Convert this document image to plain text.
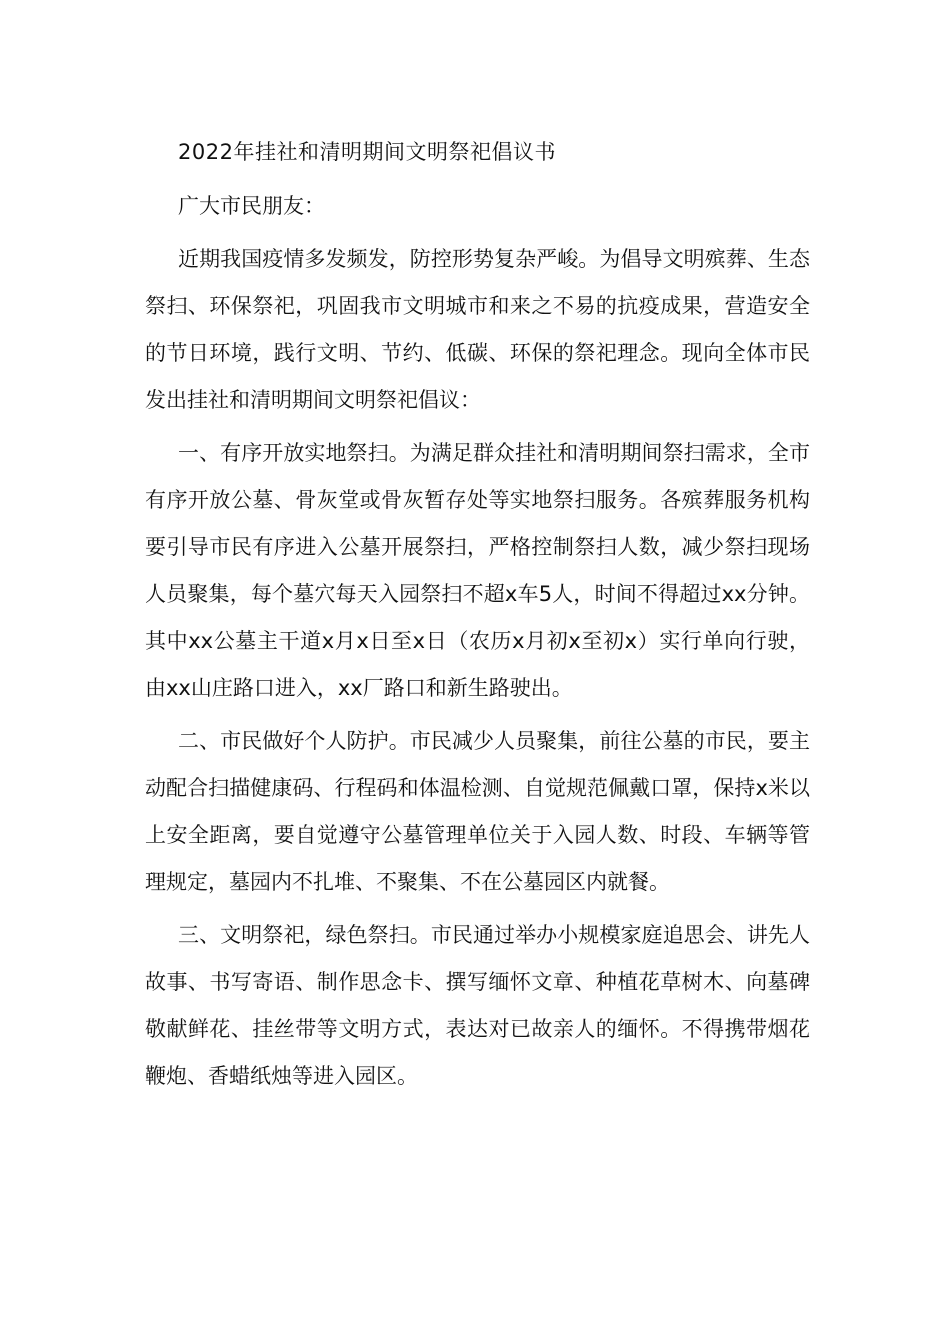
2022年挂社和清明期间文明祭祀倡议书
广大市民朋友：

近期我国疫情多发频发，防控形势复杂严峻。为倡导文明殡葬、生态祭扫、环保祭祀，巩固我市文明城市和来之不易的抗疫成果，营造安全的节日环境，践行文明、节约、低碳、环保的祭祀理念。现向全体市民发出挂社和清明期间文明祭祀倡议：

一、有序开放实地祭扫。为满足群众挂社和清明期间祭扫需求，全市有序开放公墓、骨灰堂或骨灰暂存处等实地祭扫服务。各殡葬服务机构要引导市民有序进入公墓开展祭扫，严格控制祭扫人数，减少祭扫现场人员聚集，每个墓穴每天入园祭扫不超x车5人，时间不得超过xx分钟。其中xx公墓主干道x月x日至x日（农历x月初x至初x）实行单向行驶，由xx山庄路口进入，xx厂路口和新生路驶出。

二、市民做好个人防护。市民减少人员聚集，前往公墓的市民，要主动配合扫描健康码、行程码和体温检测、自觉规范佩戴口罩，保持x米以上安全距离，要自觉遵守公墓管理单位关于入园人数、时段、车辆等管理规定，墓园内不扎堆、不聚集、不在公墓园区内就餐。

三、文明祭祀，绿色祭扫。市民通过举办小规模家庭追思会、讲先人故事、书写寄语、制作思念卡、撰写缅怀文章、种植花草树木、向墓碑敬献鲜花、挂丝带等文明方式，表达对已故亲人的缅怀。不得携带烟花鞭炮、香蜡纸烛等进入园区。
